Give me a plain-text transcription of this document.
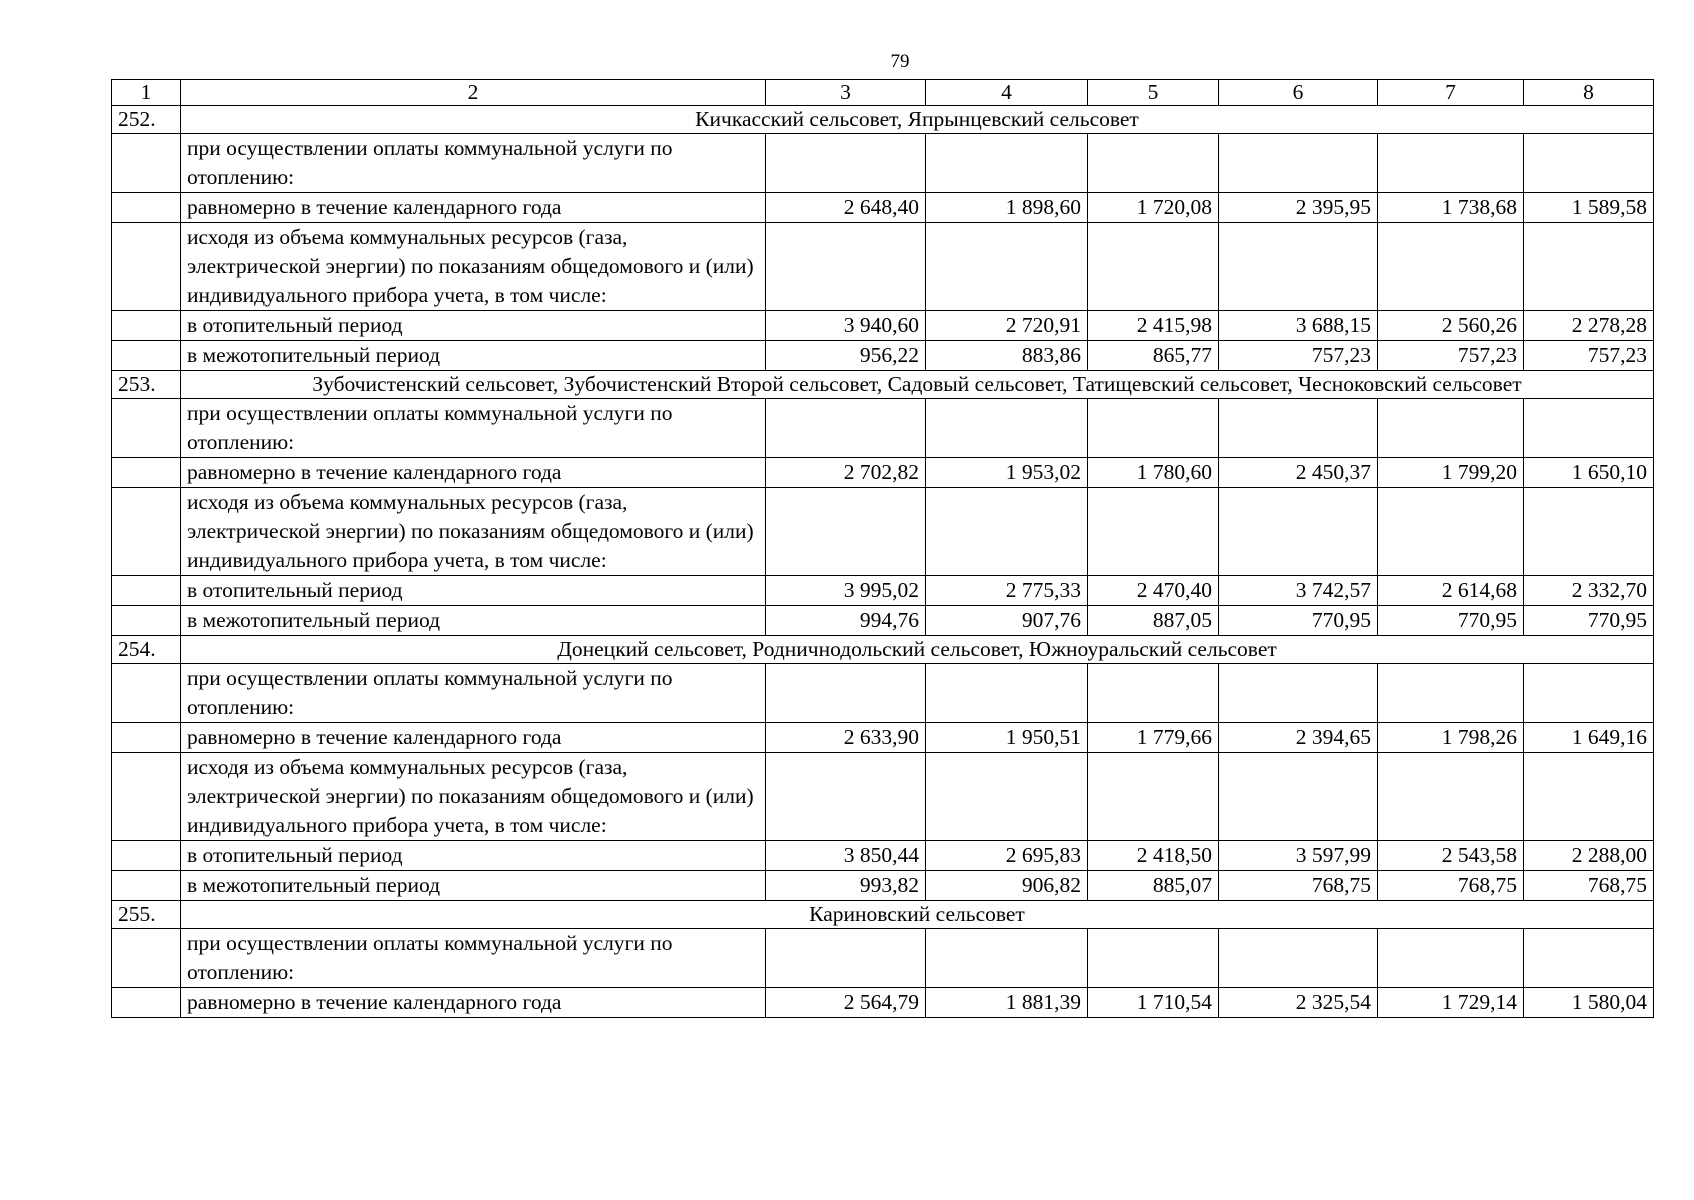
79
1	2	3	4	5	6	7	8
252.	Кичкасский сельсовет, Япрынцевский сельсовет						
	при осуществлении оплаты коммунальной услуги по отоплению:						
	равномерно в течение календарного года	2 648,40	1 898,60	1 720,08	2 395,95	1 738,68	1 589,58
	исходя из объема коммунальных ресурсов (газа, электрической энергии) по показаниям общедомового и (или) индивидуального прибора учета, в том числе:						
	в отопительный период	3 940,60	2 720,91	2 415,98	3 688,15	2 560,26	2 278,28
	в межотопительный период	956,22	883,86	865,77	757,23	757,23	757,23
253.	Зубочистенский сельсовет, Зубочистенский Второй сельсовет, Садовый сельсовет, Татищевский сельсовет, Чесноковский сельсовет						
	при осуществлении оплаты коммунальной услуги по отоплению:						
	равномерно в течение календарного года	2 702,82	1 953,02	1 780,60	2 450,37	1 799,20	1 650,10
	исходя из объема коммунальных ресурсов (газа, электрической энергии) по показаниям общедомового и (или) индивидуального прибора учета, в том числе:						
	в отопительный период	3 995,02	2 775,33	2 470,40	3 742,57	2 614,68	2 332,70
	в межотопительный период	994,76	907,76	887,05	770,95	770,95	770,95
254.	Донецкий сельсовет, Родничнодольский сельсовет, Южноуральский сельсовет						
	при осуществлении оплаты коммунальной услуги по отоплению:						
	равномерно в течение календарного года	2 633,90	1 950,51	1 779,66	2 394,65	1 798,26	1 649,16
	исходя из объема коммунальных ресурсов (газа, электрической энергии) по показаниям общедомового и (или) индивидуального прибора учета, в том числе:						
	в отопительный период	3 850,44	2 695,83	2 418,50	3 597,99	2 543,58	2 288,00
	в межотопительный период	993,82	906,82	885,07	768,75	768,75	768,75
255.	Кариновский сельсовет						
	при осуществлении оплаты коммунальной услуги по отоплению:						
	равномерно в течение календарного года	2 564,79	1 881,39	1 710,54	2 325,54	1 729,14	1 580,04
